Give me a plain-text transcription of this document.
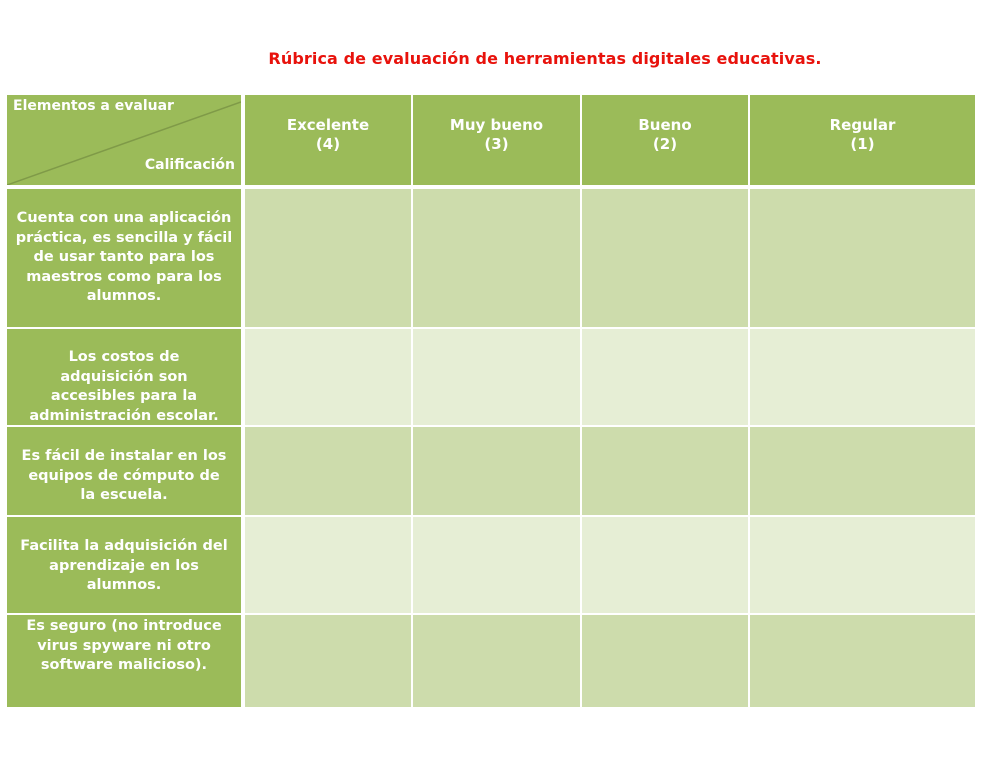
Rúbrica de evaluación de herramientas digitales educativas.
Elementos a evaluar
Calificación
Excelente
(4)
Muy bueno
(3)
Bueno
(2)
Regular
(1)
Cuenta con una aplicación práctica, es sencilla y fácil de usar tanto para los maestros como para los alumnos.
Los costos de adquisición son accesibles para la administración escolar.
Es fácil de instalar en los equipos de cómputo de la escuela.
Facilita la adquisición del aprendizaje en los alumnos.
Es seguro (no introduce virus spyware ni otro software malicioso).
